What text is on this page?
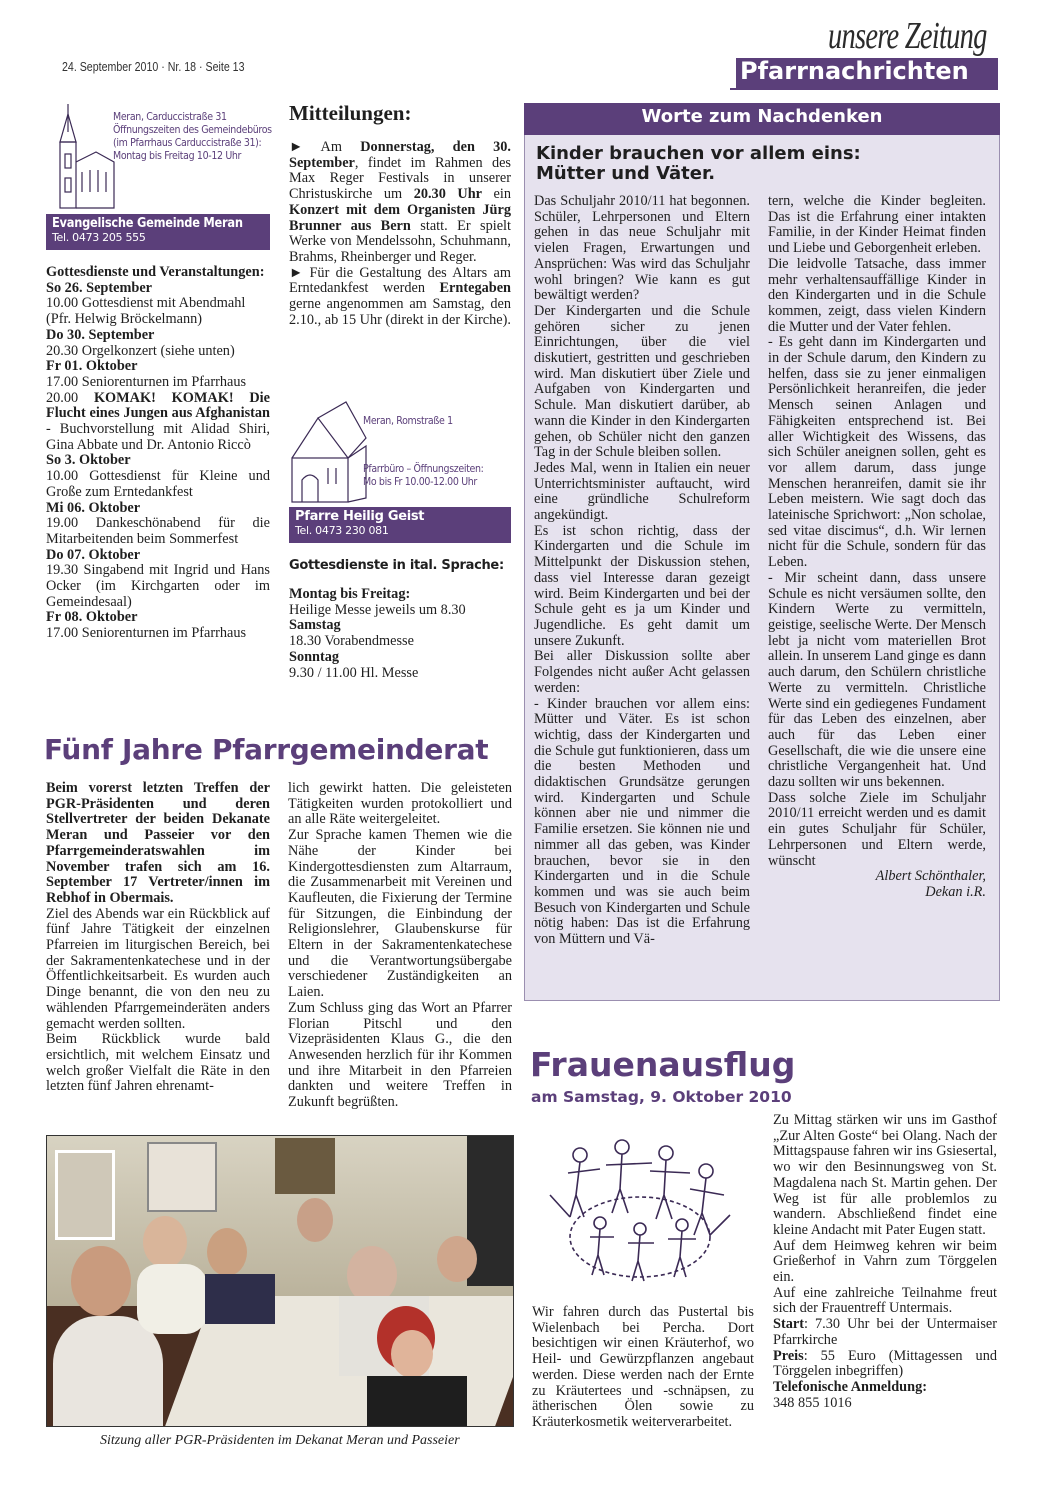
24. September 2010 · Nr. 18 · Seite 13
unsere Zeitung
Pfarrnachrichten
Meran, Carduccistraße 31
Öffnungszeiten des Gemeindebüros
(im Pfarrhaus Carduccistraße 31):
Montag bis Freitag 10-12 Uhr
Evangelische Gemeinde Meran
Tel. 0473 205 555

Gottesdienste und Veranstaltungen:

So 26. September

10.00 Gottesdienst mit Abendmahl (Pfr. Helwig Bröckelmann)

Do 30. September

20.30 Orgelkonzert (siehe unten)

Fr 01. Oktober

17.00 Seniorenturnen im Pfarrhaus

20.00 KOMAK! KOMAK! Die Flucht eines Jungen aus Afghanistan - Buchvorstellung mit Alidad Shiri, Gina Abbate und Dr. Antonio Riccò

So 3. Oktober

10.00 Gottesdienst für Kleine und Große zum Erntedankfest

Mi 06. Oktober

19.00 Dankeschönabend für die Mitarbeitenden beim Sommerfest

Do 07. Oktober

19.30 Singabend mit Ingrid und Hans Ocker (im Kirchgarten oder im Gemeindesaal)

Fr 08. Oktober

17.00 Seniorenturnen im Pfarrhaus

Mitteilungen:

► Am Donnerstag, den 30. September, findet im Rahmen des Max Reger Festivals in unserer Christuskirche um 20.30 Uhr ein Konzert mit dem Organisten Jürg Brunner aus Bern statt. Er spielt Werke von Mendelssohn, Schuhmann, Brahms, Rheinberger und Reger.

► Für die Gestaltung des Altars am Erntedankfest werden Erntegaben gerne angenommen am Samstag, den 2.10., ab 15 Uhr (direkt in der Kirche).

Meran, Romstraße 1
Pfarrbüro – Öffnungszeiten:
Mo bis Fr 10.00-12.00 Uhr
Pfarre Heilig Geist
Tel. 0473 230 081
Gottesdienste in ital. Sprache:

Montag bis Freitag:

Heilige Messe jeweils um 8.30

Samstag

18.30 Vorabendmesse

Sonntag

9.30 / 11.00 Hl. Messe

Worte zum Nachdenken
Kinder brauchen vor allem eins: Mütter und Väter.

Das Schuljahr 2010/11 hat begonnen. Schüler, Lehrpersonen und Eltern gehen in das neue Schuljahr mit vielen Fragen, Erwartungen und Ansprüchen: Was wird das Schuljahr wohl bringen? Wie kann es gut bewältigt werden?

Der Kindergarten und die Schule gehören sicher zu jenen Einrichtungen, über die viel diskutiert, gestritten und geschrieben wird. Man diskutiert über Ziele und Aufgaben von Kindergarten und Schule. Man diskutiert darüber, ab wann die Kinder in den Kindergarten gehen, ob Schüler nicht den ganzen Tag in der Schule bleiben sollen.

Jedes Mal, wenn in Italien ein neuer Unterrichtsminister auftaucht, wird eine gründliche Schulreform angekündigt.

Es ist schon richtig, dass der Kindergarten und die Schule im Mittelpunkt der Diskussion stehen, dass viel Interesse daran gezeigt wird. Beim Kindergarten und bei der Schule geht es ja um Kinder und Jugendliche. Es geht damit um unsere Zukunft.

Bei aller Diskussion sollte aber Folgendes nicht außer Acht gelassen werden:

- Kinder brauchen vor allem eins: Mütter und Väter. Es ist schon wichtig, dass der Kindergarten und die Schule gut funktionieren, dass um die besten Methoden und didaktischen Grundsätze gerungen wird. Kindergarten und Schule können aber nie und nimmer die Familie ersetzen. Sie können nie und nimmer all das geben, was Kinder brauchen, bevor sie in den Kindergarten und in die Schule kommen und was sie auch beim Besuch von Kindergarten und Schule nötig haben: Das ist die Erfahrung von Müttern und Vä-

tern, welche die Kinder begleiten. Das ist die Erfahrung einer intakten Familie, in der Kinder Heimat finden und Liebe und Geborgenheit erleben.

Die leidvolle Tatsache, dass immer mehr verhaltensauffällige Kinder in den Kindergarten und in die Schule kommen, zeigt, dass vielen Kindern die Mutter und der Vater fehlen.

- Es geht dann im Kindergarten und in der Schule darum, den Kindern zu helfen, dass sie zu jener einmaligen Persönlichkeit heranreifen, die jeder Mensch seinen Anlagen und Fähigkeiten entsprechend ist. Bei aller Wichtigkeit des Wissens, das sich Schüler aneignen sollen, geht es vor allem darum, dass junge Menschen heranreifen, damit sie ihr Leben meistern. Wie sagt doch das lateinische Sprichwort: „Non scholae, sed vitae discimus“, d.h. Wir lernen nicht für die Schule, sondern für das Leben.

- Mir scheint dann, dass unsere Schule es nicht versäumen sollte, den Kindern Werte zu vermitteln, geistige, seelische Werte. Der Mensch lebt ja nicht vom materiellen Brot allein. In unserem Land ginge es dann auch darum, den Schülern christliche Werte zu vermitteln. Christliche Werte sind ein gediegenes Fundament für das Leben des einzelnen, aber auch für das Leben einer Gesellschaft, die wie die unsere eine christliche Vergangenheit hat. Und dazu sollten wir uns bekennen.

Dass solche Ziele im Schuljahr 2010/11 erreicht werden und es damit ein gutes Schuljahr für Schüler, Lehrpersonen und Eltern werde, wünscht

Albert Schönthaler,

Dekan i.R.

Fünf Jahre Pfarrgemeinderat

Beim vorerst letzten Treffen der PGR-Präsidenten und deren Stellvertreter der beiden Dekanate Meran und Passeier vor den Pfarrgemeinderatswahlen im November trafen sich am 16. September 17 Vertreter/innen im Rebhof in Obermais.

Ziel des Abends war ein Rückblick auf fünf Jahre Tätigkeit der einzelnen Pfarreien im liturgischen Bereich, bei der Sakramentenkatechese und in der Öffentlichkeitsarbeit. Es wurden auch Dinge benannt, die von den neu zu wählenden Pfarrgemeinderäten anders gemacht werden sollten.

Beim Rückblick wurde bald ersichtlich, mit welchem Einsatz und welch großer Vielfalt die Räte in den letzten fünf Jahren ehrenamt-

lich gewirkt hatten. Die geleisteten Tätigkeiten wurden protokolliert und an alle Räte weitergeleitet.

Zur Sprache kamen Themen wie die Nähe der Kinder bei Kindergottesdiensten zum Altarraum, die Zusammenarbeit mit Vereinen und Kaufleuten, die Fixierung der Termine für Sitzungen, die Einbindung der Religionslehrer, Glaubenskurse für Eltern in der Sakramentenkatechese und die Verantwortungsübergabe verschiedener Zuständigkeiten an Laien.

Zum Schluss ging das Wort an Pfarrer Florian Pitschl und den Vizepräsidenten Klaus G., die den Anwesenden herzlich für ihr Kommen und ihre Mitarbeit in den Pfarreien dankten und weitere Treffen in Zukunft begrüßten.

Sitzung aller PGR-Präsidenten im Dekanat Meran und Passeier
Frauenausflug
am Samstag, 9. Oktober 2010
Wir fahren durch das Pustertal bis Wielenbach bei Percha. Dort besichtigen wir einen Kräuterhof, wo Heil- und Gewürzpflanzen angebaut werden. Diese werden nach der Ernte zu Kräutertees und -schnäpsen, zu ätherischen Ölen sowie zu Kräuterkosmetik weiterverarbeitet.

Zu Mittag stärken wir uns im Gasthof „Zur Alten Goste“ bei Olang. Nach der Mittagspause fahren wir ins Gsiesertal, wo wir den Besinnungsweg von St. Magdalena nach St. Martin gehen. Der Weg ist für alle problemlos zu wandern. Abschließend findet eine kleine Andacht mit Pater Eugen statt.

Auf dem Heimweg kehren wir beim Grießerhof in Vahrn zum Törggelen ein.

Auf eine zahlreiche Teilnahme freut sich der Frauentreff Untermais.

Start: 7.30 Uhr bei der Untermaiser Pfarrkirche

Preis: 55 Euro (Mittagessen und Törggelen inbegriffen)

Telefonische Anmeldung:

348 855 1016
